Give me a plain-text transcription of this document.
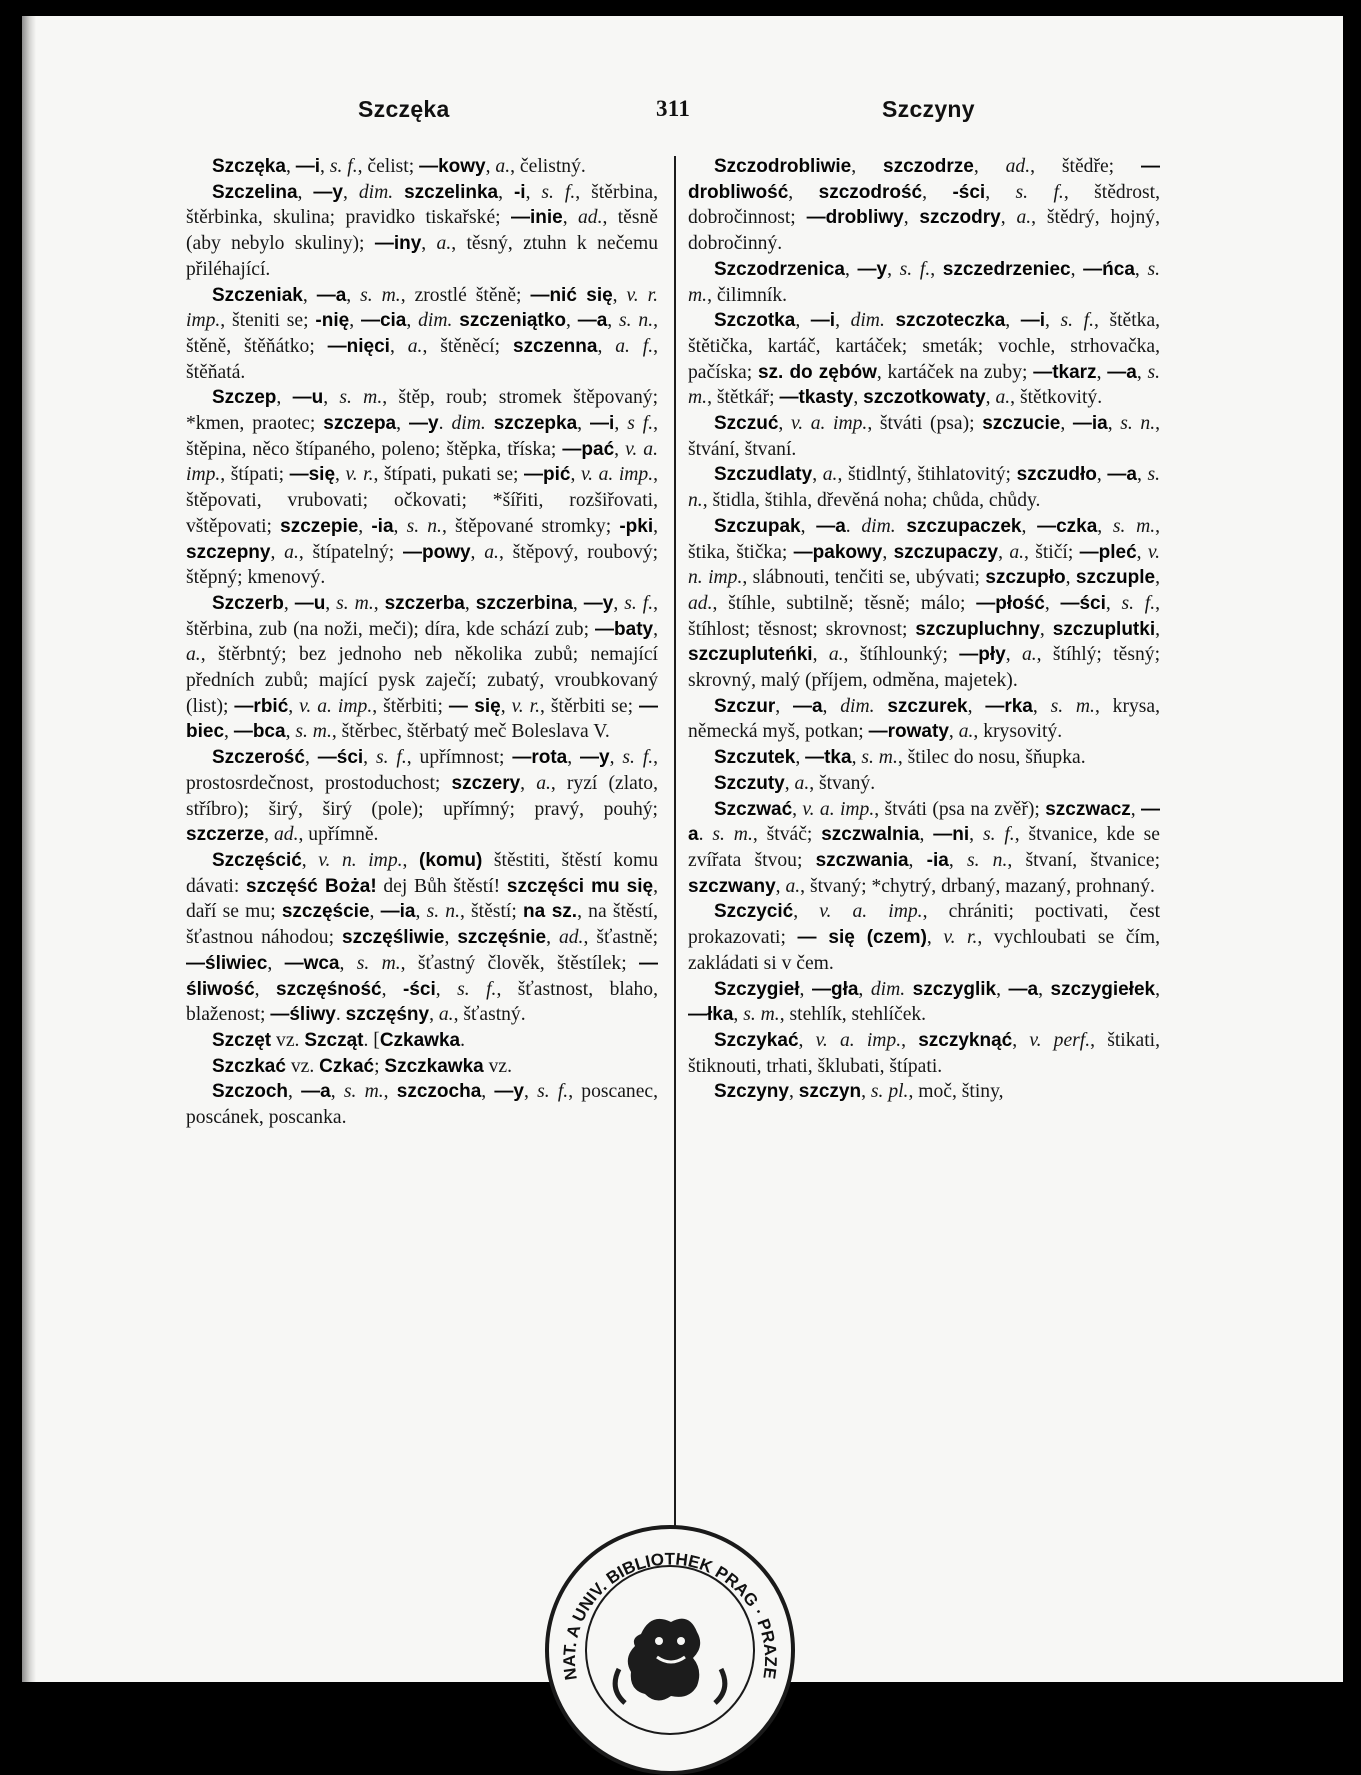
Szczęka	311	Szczyny

Szczęka, —i, s. f., čelist; —kowy, a., čelistný.

Szczelina, —y, dim. szczelinka, -i, s. f., štěrbina, štěrbinka, skulina; pravidko tiskařské; —inie, ad., těsně (aby nebylo skuliny); —iny, a., těsný, ztuhn k nečemu přiléhající.

Szczeniak, —a, s. m., zrostlé štěně; —nić się, v. r. imp., šteniti se; -nię, —cia, dim. szczeniątko, —a, s. n., štěně, štěňátko; —nięci, a., štěněcí; szczenna, a. f., štěňatá.

Szczep, —u, s. m., štěp, roub; stromek štěpovaný; *kmen, praotec; szczepa, —y. dim. szczepka, —i, s f., štěpina, něco štípaného, poleno; štěpka, tříska; —pać, v. a. imp., štípati; —się, v. r., štípati, pukati se; —pić, v. a. imp., štěpovati, vrubovati; očkovati; *šířiti, rozšiřovati, vštěpovati; szczepie, -ia, s. n., štěpované stromky; -pki, szczepny, a., štípatelný; —powy, a., štěpový, roubový; štěpný; kmenový.

Szczerb, —u, s. m., szczerba, szczerbina, —y, s. f., štěrbina, zub (na noži, meči); díra, kde schází zub; —baty, a., štěrbntý; bez jednoho neb několika zubů; nemající předních zubů; mající pysk zaječí; zubatý, vroubkovaný (list); —rbić, v. a. imp., štěrbiti; — się, v. r., štěrbiti se; —biec, —bca, s. m., štěrbec, štěrbatý meč Boleslava V.

Szczerość, —ści, s. f., upřímnost; —rota, —y, s. f., prostosrdečnost, prostoduchost; szczery, a., ryzí (zlato, stříbro); širý, širý (pole); upřímný; pravý, pouhý; szczerze, ad., upřímně.

Szczęścić, v. n. imp., (komu) štěstiti, štěstí komu dávati: szczęść Boża! dej Bůh štěstí! szczęści mu się, daří se mu; szczęście, —ia, s. n., štěstí; na sz., na štěstí, šťastnou náhodou; szczęśliwie, szczęśnie, ad., šťastně; —śliwiec, —wca, s. m., šťastný člověk, štěstílek; —śliwość, szczęśność, -ści, s. f., šťastnost, blaho, blaženost; —śliwy. szczęśny, a., šťastný.

Szczęt vz. Szcząt. [Czkawka.

Szczkać vz. Czkać; Szczkawka vz.

Szczoch, —a, s. m., szczocha, —y, s. f., poscanec, poscánek, poscanka.

Szczodrobliwie, szczodrze, ad., štědře; —drobliwość, szczodrość, -ści, s. f., štědrost, dobročinnost; —drobliwy, szczodry, a., štědrý, hojný, dobročinný.

Szczodrzenica, —y, s. f., szczedrzeniec, —ńca, s. m., čilimník.

Szczotka, —i, dim. szczoteczka, —i, s. f., štětka, štětička, kartáč, kartáček; smeták; vochle, strhovačka, pačíska; sz. do zębów, kartáček na zuby; —tkarz, —a, s. m., štětkář; —tkasty, szczotkowaty, a., štětkovitý.

Szczuć, v. a. imp., štváti (psa); szczucie, —ia, s. n., štvání, štvaní.

Szczudlaty, a., štidlntý, štihlatovitý; szczudło, —a, s. n., štidla, štihla, dřevěná noha; chůda, chůdy.

Szczupak, —a. dim. szczupaczek, —czka, s. m., štika, štička; —pakowy, szczupaczy, a., štičí; —pleć, v. n. imp., slábnouti, tenčiti se, ubývati; szczupło, szczuple, ad., štíhle, subtilně; těsně; málo; —płość, —ści, s. f., štíhlost; těsnost; skrovnost; szczupluchny, szczuplutki, szczupluteńki, a., štíhlounký; —pły, a., štíhlý; těsný; skrovný, malý (příjem, odměna, majetek).

Szczur, —a, dim. szczurek, —rka, s. m., krysa, německá myš, potkan; —rowaty, a., krysovitý.

Szczutek, —tka, s. m., štilec do nosu, šňupka.

Szczuty, a., štvaný.

Szczwać, v. a. imp., štváti (psa na zvěř); szczwacz, —a. s. m., štváč; szczwalnia, —ni, s. f., štvanice, kde se zvířata štvou; szczwania, -ia, s. n., štvaní, štvanice; szczwany, a., štvaný; *chytrý, drbaný, mazaný, prohnaný.

Szczycić, v. a. imp., chrániti; poctivati, čest prokazovati; — się (czem), v. r., vychloubati se čím, zakládati si v čem.

Szczygieł, —gła, dim. szczyglik, —a, szczygiełek, —łka, s. m., stehlík, stehlíček.

Szczykać, v. a. imp., szczyknąć, v. perf., štikati, štiknouti, trhati, šklubati, štípati.

Szczyny, szczyn, s. pl., moč, štiny,

NAT. A UNIV. BIBLIOTHEK PRAG · PRAZE
